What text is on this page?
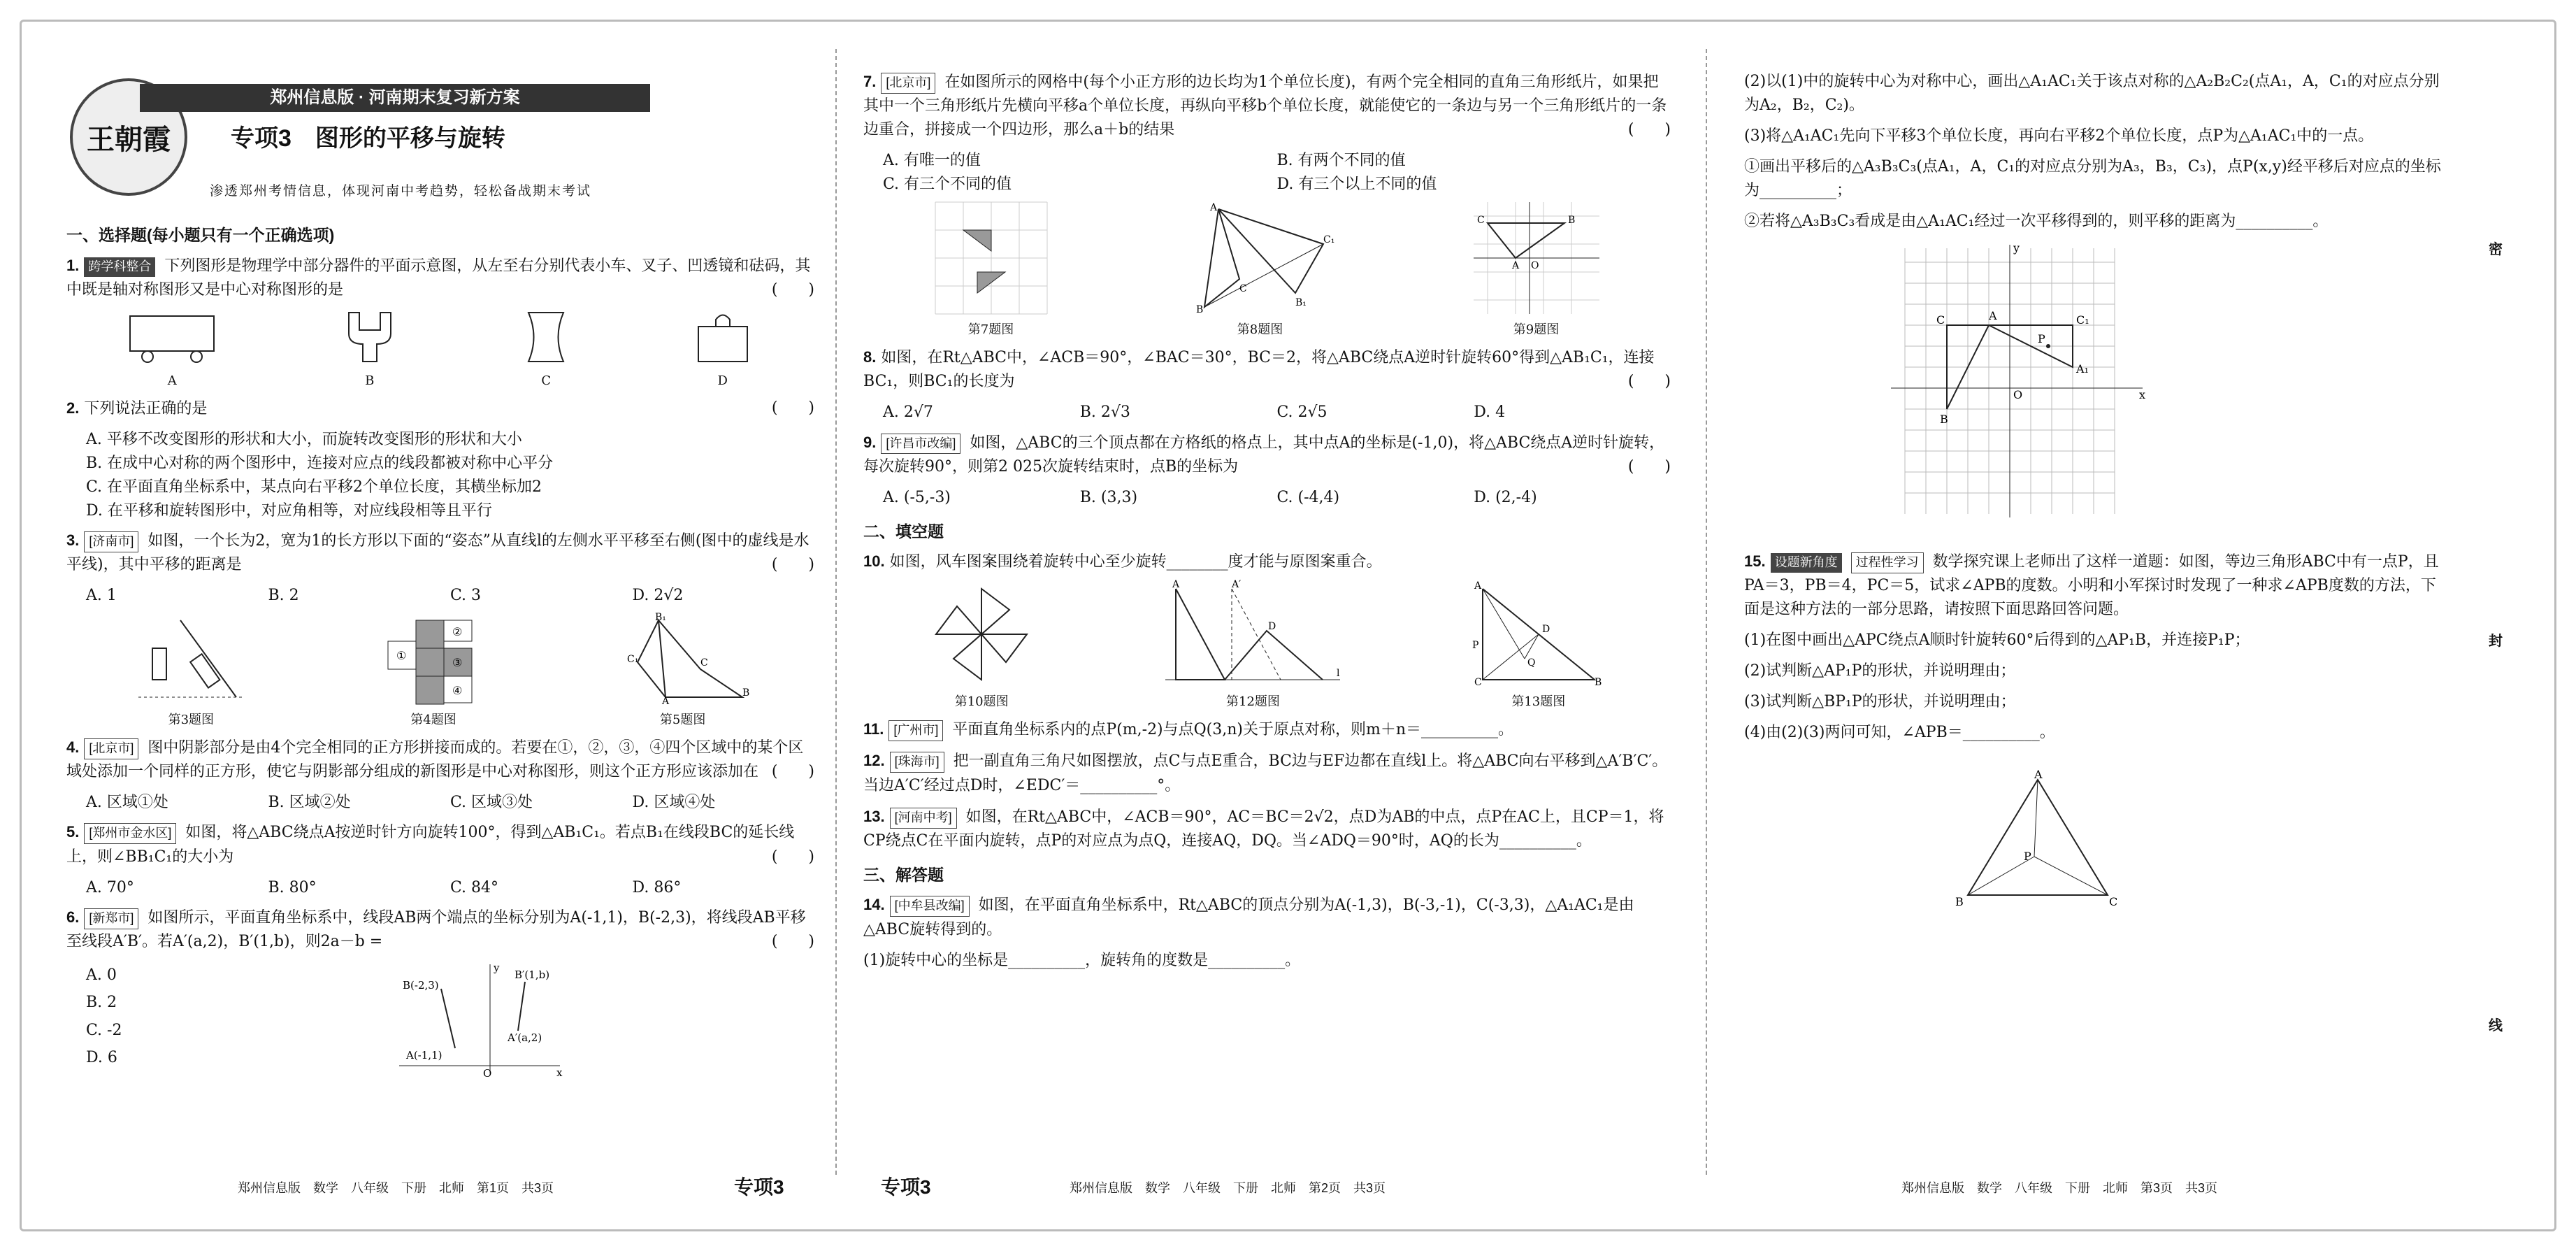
王朝霞
郑州信息版 · 河南期末复习新方案
专项3　图形的平移与旋转
渗透郑州考情信息，体现河南中考趋势，轻松备战期末考试
一、选择题(每小题只有一个正确选项)
1. 跨学科整合 下列图形是物理学中部分器件的平面示意图，从左至右分别代表小车、叉子、凹透镜和砝码，其中既是轴对称图形又是中心对称图形的是	(　　)
A	B	C	D
2. 下列说法正确的是	(　　)
A. 平移不改变图形的形状和大小，而旋转改变图形的形状和大小
B. 在成中心对称的两个图形中，连接对应点的线段都被对称中心平分
C. 在平面直角坐标系中，某点向右平移2个单位长度，其横坐标加2
D. 在平移和旋转图形中，对应角相等，对应线段相等且平行
3. [济南市] 如图，一个长为2，宽为1的长方形以下面的“姿态”从直线l的左侧水平平移至右侧(图中的虚线是水平线)，其中平移的距离是	(　　)
A. 1	B. 2	C. 3	D. 2√2
第3题图
①
②
③
④
第4题图
B₁
C₁	C
B
A
第5题图
4. [北京市] 图中阴影部分是由4个完全相同的正方形拼接而成的。若要在①，②，③，④四个区域中的某个区域处添加一个同样的正方形，使它与阴影部分组成的新图形是中心对称图形，则这个正方形应该添加在 (　　)
A. 区域①处	B. 区域②处	C. 区域③处	D. 区域④处
5. [郑州市金水区] 如图，将△ABC绕点A按逆时针方向旋转100°，得到△AB₁C₁。若点B₁在线段BC的延长线上，则∠BB₁C₁的大小为	(　　)
A. 70°	B. 80°	C. 84°	D. 86°
6. [新郑市] 如图所示，平面直角坐标系中，线段AB两个端点的坐标分别为A(-1,1)，B(-2,3)，将线段AB平移至线段A′B′。若A′(a,2)，B′(1,b)，则2a－b =	(　　)
A. 0
B. 2
C. -2
D. 6
B(-2,3)
B′(1,b)
A′(a,2)
A(-1,1)
O	x
y
7. [北京市] 在如图所示的网格中(每个小正方形的边长均为1个单位长度)，有两个完全相同的直角三角形纸片，如果把其中一个三角形纸片先横向平移a个单位长度，再纵向平移b个单位长度，就能使它的一条边与另一个三角形纸片的一条边重合，拼接成一个四边形，那么a＋b的结果	(　　)
A. 有唯一的值	B. 有两个不同的值
C. 有三个不同的值	D. 有三个以上不同的值
第7题图
A
B
C
B₁
C₁
第8题图
C	B
A O
第9题图
8. 如图，在Rt△ABC中，∠ACB＝90°，∠BAC＝30°，BC＝2，将△ABC绕点A逆时针旋转60°得到△AB₁C₁，连接BC₁，则BC₁的长度为	(　　)
A. 2√7	B. 2√3	C. 2√5	D. 4
9. [许昌市改编] 如图，△ABC的三个顶点都在方格纸的格点上，其中点A的坐标是(-1,0)，将△ABC绕点A逆时针旋转，每次旋转90°，则第2 025次旋转结束时，点B的坐标为	(　　)
A. (-5,-3)	B. (3,3)	C. (-4,4)	D. (2,-4)
二、填空题
10. 如图，风车图案围绕着旋转中心至少旋转________度才能与原图案重合。
第10题图
A	A′
D
l
第12题图
A
C	B
D
P
Q
第13题图
11. [广州市] 平面直角坐标系内的点P(m,-2)与点Q(3,n)关于原点对称，则m＋n＝__________。
12. [珠海市] 把一副直角三角尺如图摆放，点C与点E重合，BC边与EF边都在直线l上。将△ABC向右平移到△A′B′C′。当边A′C′经过点D时，∠EDC′＝__________°。
13. [河南中考] 如图，在Rt△ABC中，∠ACB＝90°，AC＝BC＝2√2，点D为AB的中点，点P在AC上，且CP＝1，将CP绕点C在平面内旋转，点P的对应点为点Q，连接AQ，DQ。当∠ADQ＝90°时，AQ的长为__________。
三、解答题
14. [中牟县改编] 如图，在平面直角坐标系中，Rt△ABC的顶点分别为A(-1,3)，B(-3,-1)，C(-3,3)，△A₁AC₁是由△ABC旋转得到的。
(1)旋转中心的坐标是__________，旋转角的度数是__________。
(2)以(1)中的旋转中心为对称中心，画出△A₁AC₁关于该点对称的△A₂B₂C₂(点A₁，A，C₁的对应点分别为A₂，B₂，C₂)。
(3)将△A₁AC₁先向下平移3个单位长度，再向右平移2个单位长度，点P为△A₁AC₁中的一点。
①画出平移后的△A₃B₃C₃(点A₁，A，C₁的对应点分别为A₃，B₃，C₃)，点P(x,y)经平移后对应点的坐标为__________；
②若将△A₃B₃C₃看成是由△A₁AC₁经过一次平移得到的，则平移的距离为__________。
C	A	C₁
A₁
B
P
x
y
O
15. 设题新角度 过程性学习 数学探究课上老师出了这样一道题：如图，等边三角形ABC中有一点P，且PA＝3，PB＝4，PC＝5，试求∠APB的度数。小明和小军探讨时发现了一种求∠APB度数的方法，下面是这种方法的一部分思路，请按照下面思路回答问题。
(1)在图中画出△APC绕点A顺时针旋转60°后得到的△AP₁B，并连接P₁P；
(2)试判断△AP₁P的形状，并说明理由；
(3)试判断△BP₁P的形状，并说明理由；
(4)由(2)(3)两问可知，∠APB＝__________。
A
B	C
P
密
封
线
郑州信息版　数学　八年级　下册　北师　第1页　共3页	专项3	专项3	郑州信息版　数学　八年级　下册　北师　第2页　共3页	郑州信息版　数学　八年级　下册　北师　第3页　共3页
